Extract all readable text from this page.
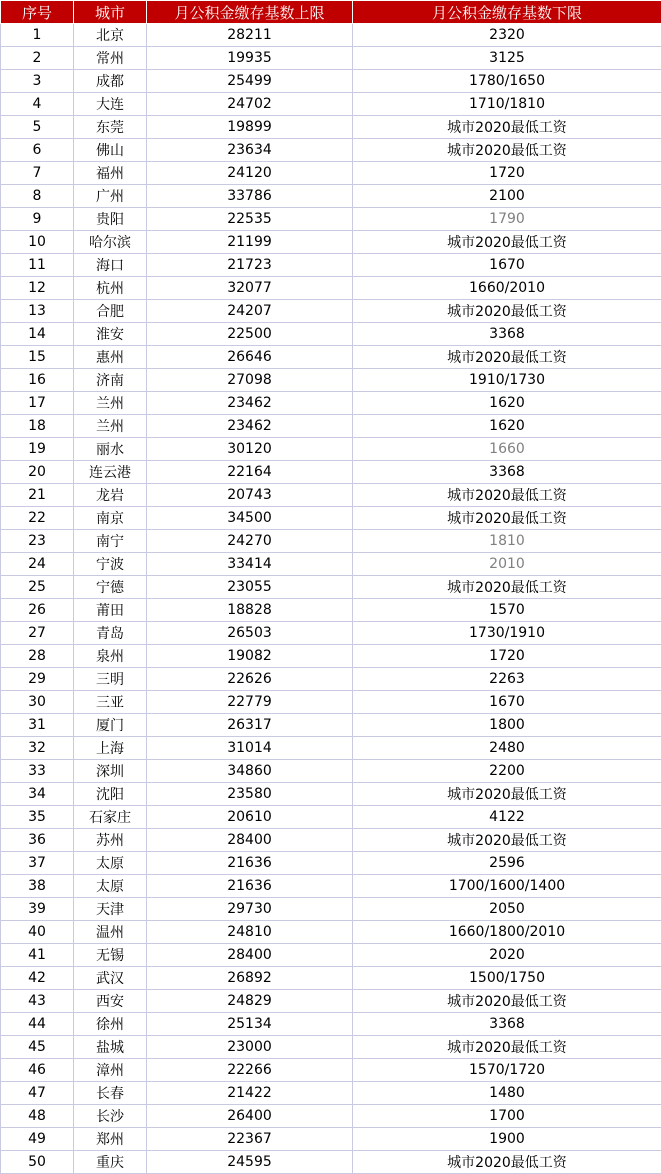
序号	城市	月公积金缴存基数上限	月公积金缴存基数下限
1	北京	28211	2320
2	常州	19935	3125
3	成都	25499	1780/1650
4	大连	24702	1710/1810
5	东莞	19899	城市2020最低工资
6	佛山	23634	城市2020最低工资
7	福州	24120	1720
8	广州	33786	2100
9	贵阳	22535	1790
10	哈尔滨	21199	城市2020最低工资
11	海口	21723	1670
12	杭州	32077	1660/2010
13	合肥	24207	城市2020最低工资
14	淮安	22500	3368
15	惠州	26646	城市2020最低工资
16	济南	27098	1910/1730
17	兰州	23462	1620
18	兰州	23462	1620
19	丽水	30120	1660
20	连云港	22164	3368
21	龙岩	20743	城市2020最低工资
22	南京	34500	城市2020最低工资
23	南宁	24270	1810
24	宁波	33414	2010
25	宁德	23055	城市2020最低工资
26	莆田	18828	1570
27	青岛	26503	1730/1910
28	泉州	19082	1720
29	三明	22626	2263
30	三亚	22779	1670
31	厦门	26317	1800
32	上海	31014	2480
33	深圳	34860	2200
34	沈阳	23580	城市2020最低工资
35	石家庄	20610	4122
36	苏州	28400	城市2020最低工资
37	太原	21636	2596
38	太原	21636	1700/1600/1400
39	天津	29730	2050
40	温州	24810	1660/1800/2010
41	无锡	28400	2020
42	武汉	26892	1500/1750
43	西安	24829	城市2020最低工资
44	徐州	25134	3368
45	盐城	23000	城市2020最低工资
46	漳州	22266	1570/1720
47	长春	21422	1480
48	长沙	26400	1700
49	郑州	22367	1900
50	重庆	24595	城市2020最低工资
